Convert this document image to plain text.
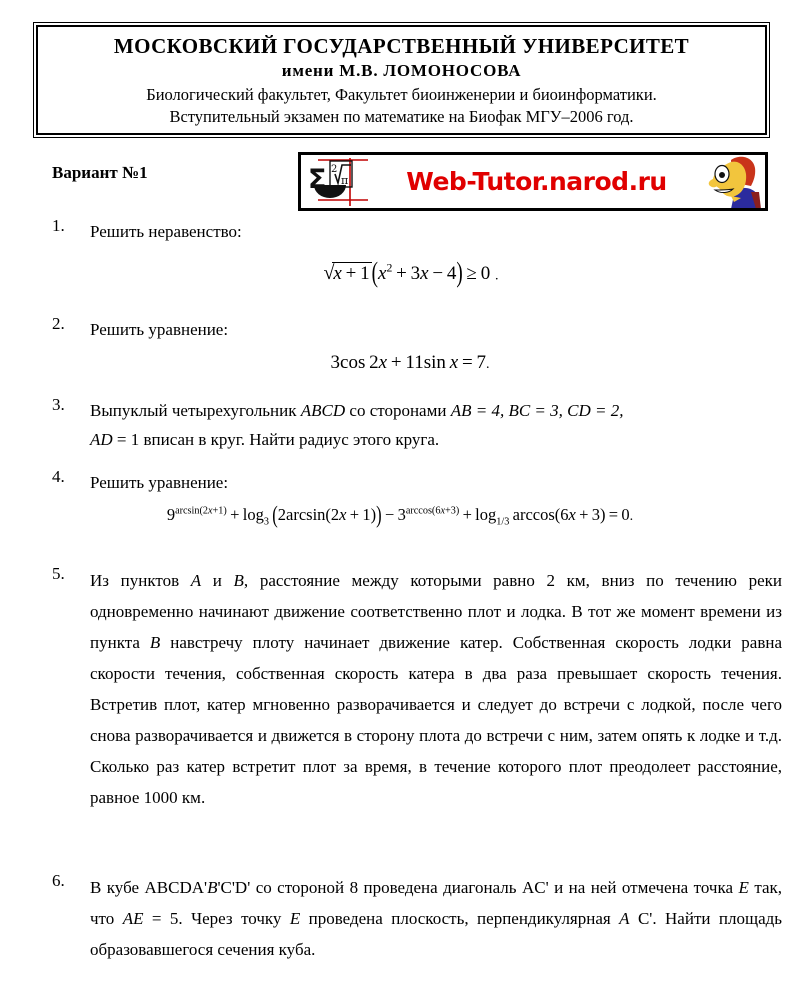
МОСКОВСКИЙ ГОСУДАРСТВЕННЫЙ УНИВЕРСИТЕТ
имени М.В. ЛОМОНОСОВА
Биологический факультет, Факультет биоинженерии и биоинформатики.
Вступительный экзамен по математике на Биофак МГУ–2006 год.
Вариант №1	Σ 2
π	Web-Tutor.narod.ru
1.	Решить неравенство:
√x + 1 $(x^2 + 3x - 4) \ge 0$ .
2.	Решить уравнение:
3cos 2x + 11sin x = 7.
3.	Выпуклый четырехугольник ABCD со сторонами AB = 4, BC = 3, CD = 2,
AD = 1 вписан в круг. Найти радиус этого круга.
4.	Решить уравнение:
$9^{arcsin(2x+1)} + \log_3 (2\arcsin(2x + 1)) - 3^{arccos(6x+3)} + \log_{1/3} \arccos(6x + 3) = 0$.
5.	Из пунктов A и B, расстояние между которыми равно 2 км, вниз по течению реки одновременно начинают движение соответственно плот и лодка. В тот же момент времени из пункта B навстречу плоту начинает движение катер. Собственная скорость лодки равна скорости течения, собственная скорость катера в два раза превышает скорость течения. Встретив плот, катер мгновенно разворачивается и следует до встречи с лодкой, после чего снова разворачивается и движется в сторону плота до встречи с ним, затем опять к лодке и т.д. Сколько раз катер встретит плот за время, в течение которого плот преодолеет расстояние, равное 1000 км.
6.	В кубе ABCDA'B'C'D' со стороной 8 проведена диагональ AC' и на ней отмечена точка E так, что AE = 5. Через точку E проведена плоскость, перпендикулярная A C'. Найти площадь образовавшегося сечения куба.
